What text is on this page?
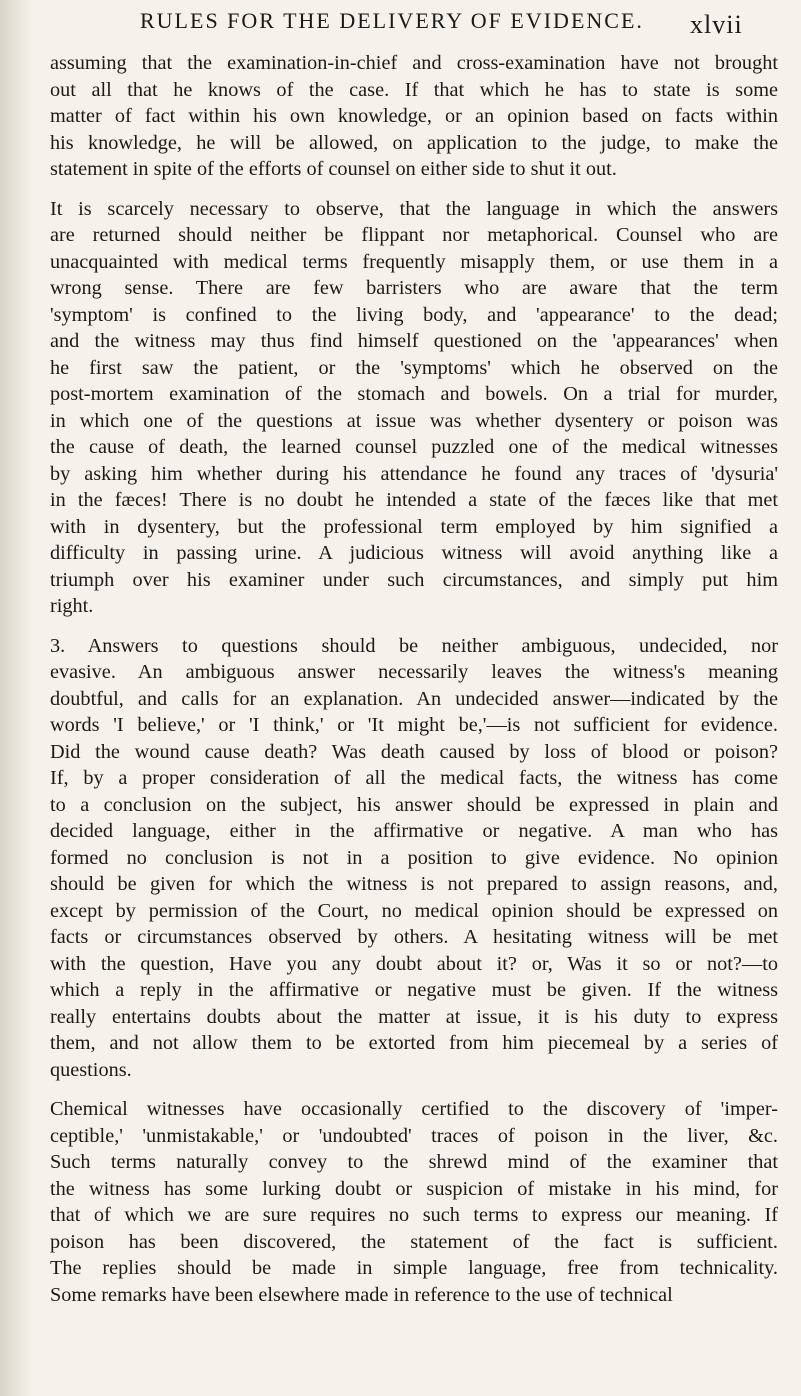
RULES FOR THE DELIVERY OF EVIDENCE. xlvii
assuming that the examination-in-chief and cross-examination have not brought
out all that he knows of the case. If that which he has to state is some
matter of fact within his own knowledge, or an opinion based on facts within
his knowledge, he will be allowed, on application to the judge, to make the
statement in spite of the efforts of counsel on either side to shut it out.
It is scarcely necessary to observe, that the language in which the answers
are returned should neither be flippant nor metaphorical. Counsel who are
unacquainted with medical terms frequently misapply them, or use them in a
wrong sense. There are few barristers who are aware that the term
'symptom' is confined to the living body, and 'appearance' to the dead;
and the witness may thus find himself questioned on the 'appearances' when
he first saw the patient, or the 'symptoms' which he observed on the
post-mortem examination of the stomach and bowels. On a trial for murder,
in which one of the questions at issue was whether dysentery or poison was
the cause of death, the learned counsel puzzled one of the medical witnesses
by asking him whether during his attendance he found any traces of 'dysuria'
in the fæces! There is no doubt he intended a state of the fæces like that met
with in dysentery, but the professional term employed by him signified a
difficulty in passing urine. A judicious witness will avoid anything like a
triumph over his examiner under such circumstances, and simply put him
right.
3. Answers to questions should be neither ambiguous, undecided, nor
evasive. An ambiguous answer necessarily leaves the witness's meaning
doubtful, and calls for an explanation. An undecided answer—indicated by the
words 'I believe,' or 'I think,' or 'It might be,'—is not sufficient for evidence.
Did the wound cause death? Was death caused by loss of blood or poison?
If, by a proper consideration of all the medical facts, the witness has come
to a conclusion on the subject, his answer should be expressed in plain and
decided language, either in the affirmative or negative. A man who has
formed no conclusion is not in a position to give evidence. No opinion
should be given for which the witness is not prepared to assign reasons, and,
except by permission of the Court, no medical opinion should be expressed on
facts or circumstances observed by others. A hesitating witness will be met
with the question, Have you any doubt about it? or, Was it so or not?—to
which a reply in the affirmative or negative must be given. If the witness
really entertains doubts about the matter at issue, it is his duty to express
them, and not allow them to be extorted from him piecemeal by a series of
questions.
Chemical witnesses have occasionally certified to the discovery of 'imper-
ceptible,' 'unmistakable,' or 'undoubted' traces of poison in the liver, &c.
Such terms naturally convey to the shrewd mind of the examiner that
the witness has some lurking doubt or suspicion of mistake in his mind, for
that of which we are sure requires no such terms to express our meaning. If
poison has been discovered, the statement of the fact is sufficient.
The replies should be made in simple language, free from technicality.
Some remarks have been elsewhere made in reference to the use of technical
